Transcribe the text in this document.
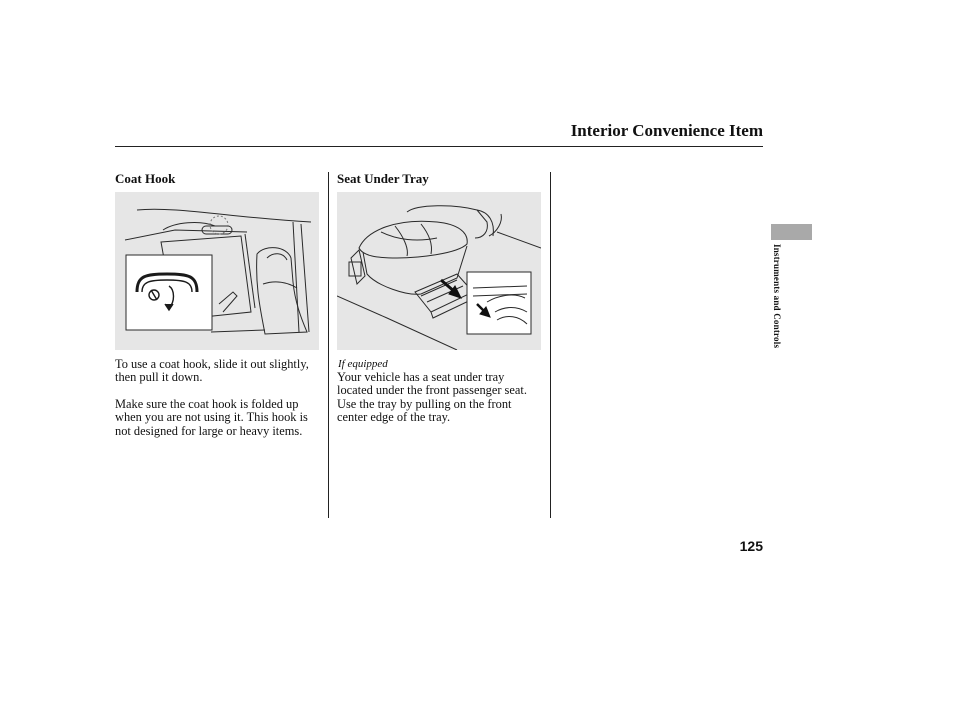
Interior Convenience Item
Coat Hook

To use a coat hook, slide it out slightly, then pull it down.

Make sure the coat hook is folded up when you are not using it. This hook is not designed for large or heavy items.

Seat Under Tray
If equipped

Your vehicle has a seat under tray located under the front passenger seat. Use the tray by pulling on the front center edge of the tray.

Instruments and Controls
125
